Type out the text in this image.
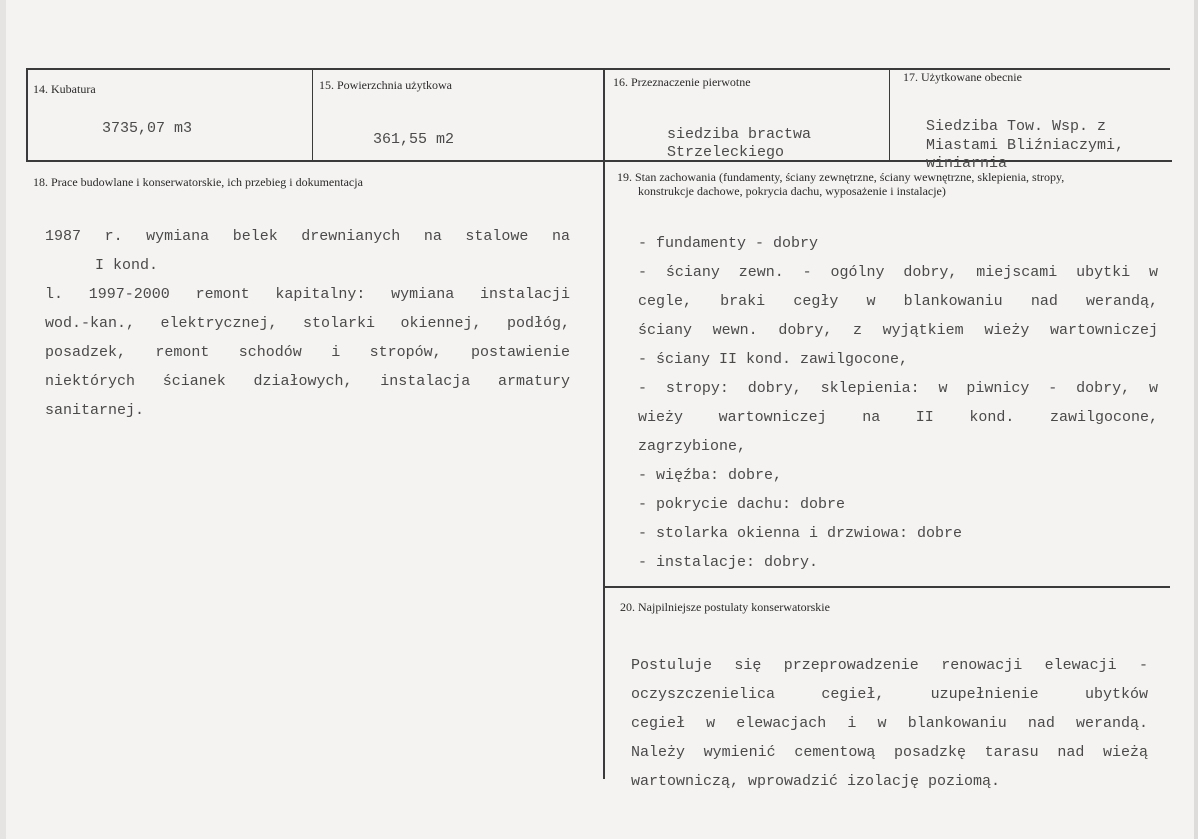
14. Kubatura
3735,07 m3
15. Powierzchnia użytkowa
361,55 m2
16. Przeznaczenie pierwotne
siedziba bractwa
Strzeleckiego
17. Użytkowane obecnie
Siedziba Tow. Wsp. z
Miastami Bliźniaczymi,
winiarnia
18. Prace budowlane i konserwatorskie, ich przebieg i dokumentacja
1987 r. wymiana belek drewnianych na stalowe na
I kond.
l. 1997-2000 remont kapitalny: wymiana instalacji
wod.-kan., elektrycznej, stolarki okiennej, podłóg,
posadzek, remont schodów i stropów, postawienie
niektórych ścianek działowych, instalacja armatury
sanitarnej.
19. Stan zachowania (fundamenty, ściany zewnętrzne, ściany wewnętrzne, sklepienia, stropy,
konstrukcje dachowe, pokrycia dachu, wyposażenie i instalacje)
- fundamenty - dobry
- ściany zewn. - ogólny dobry, miejscami ubytki w
cegle, braki cegły w blankowaniu nad werandą,
ściany wewn. dobry, z wyjątkiem wieży wartowniczej
- ściany II kond. zawilgocone,
- stropy: dobry, sklepienia: w piwnicy - dobry, w
wieży wartowniczej na II kond. zawilgocone,
zagrzybione,
- więźba: dobre,
- pokrycie dachu: dobre
- stolarka okienna i drzwiowa: dobre
- instalacje: dobry.
20. Najpilniejsze postulaty konserwatorskie
Postuluje się przeprowadzenie renowacji elewacji -
oczyszczenielica cegieł, uzupełnienie ubytków
cegieł w elewacjach i w blankowaniu nad werandą.
Należy wymienić cementową posadzkę tarasu nad wieżą
wartowniczą, wprowadzić izolację poziomą.
